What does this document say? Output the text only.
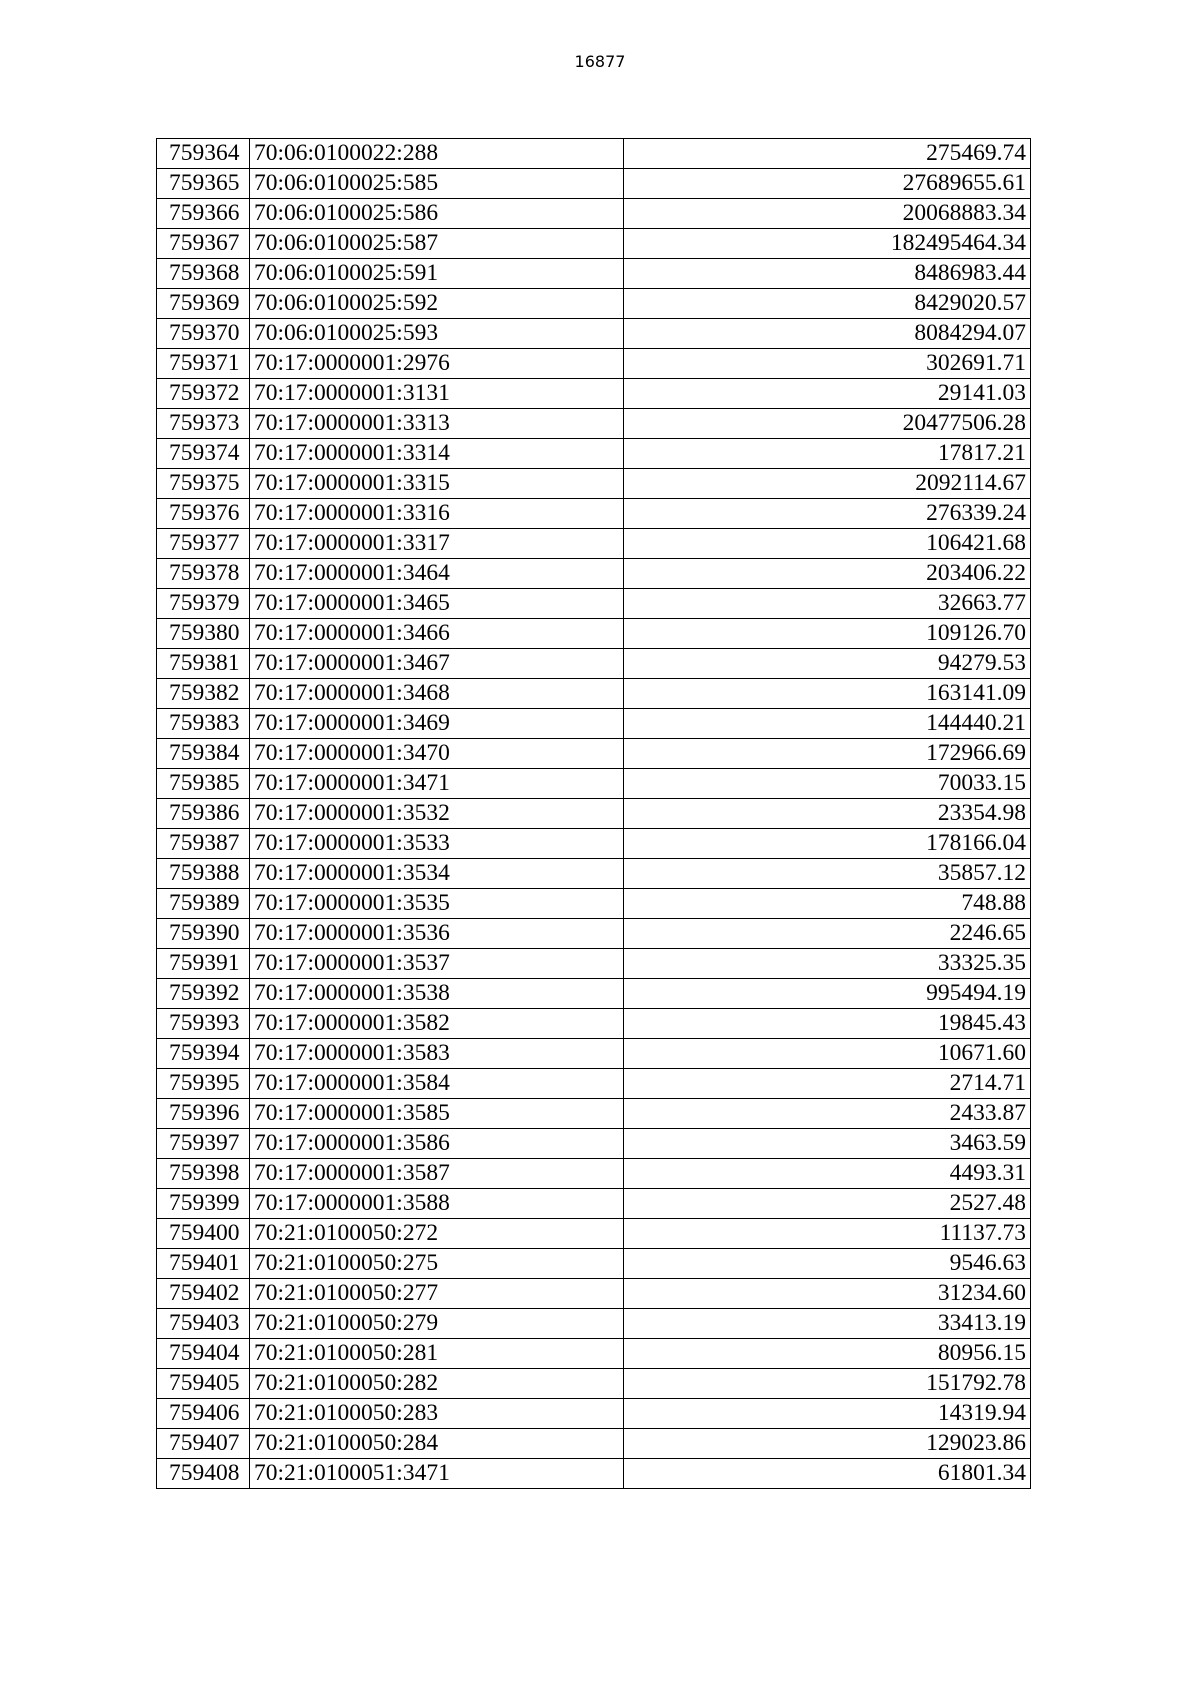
16877
759364	70:06:0100022:288	275469.74
759365	70:06:0100025:585	27689655.61
759366	70:06:0100025:586	20068883.34
759367	70:06:0100025:587	182495464.34
759368	70:06:0100025:591	8486983.44
759369	70:06:0100025:592	8429020.57
759370	70:06:0100025:593	8084294.07
759371	70:17:0000001:2976	302691.71
759372	70:17:0000001:3131	29141.03
759373	70:17:0000001:3313	20477506.28
759374	70:17:0000001:3314	17817.21
759375	70:17:0000001:3315	2092114.67
759376	70:17:0000001:3316	276339.24
759377	70:17:0000001:3317	106421.68
759378	70:17:0000001:3464	203406.22
759379	70:17:0000001:3465	32663.77
759380	70:17:0000001:3466	109126.70
759381	70:17:0000001:3467	94279.53
759382	70:17:0000001:3468	163141.09
759383	70:17:0000001:3469	144440.21
759384	70:17:0000001:3470	172966.69
759385	70:17:0000001:3471	70033.15
759386	70:17:0000001:3532	23354.98
759387	70:17:0000001:3533	178166.04
759388	70:17:0000001:3534	35857.12
759389	70:17:0000001:3535	748.88
759390	70:17:0000001:3536	2246.65
759391	70:17:0000001:3537	33325.35
759392	70:17:0000001:3538	995494.19
759393	70:17:0000001:3582	19845.43
759394	70:17:0000001:3583	10671.60
759395	70:17:0000001:3584	2714.71
759396	70:17:0000001:3585	2433.87
759397	70:17:0000001:3586	3463.59
759398	70:17:0000001:3587	4493.31
759399	70:17:0000001:3588	2527.48
759400	70:21:0100050:272	11137.73
759401	70:21:0100050:275	9546.63
759402	70:21:0100050:277	31234.60
759403	70:21:0100050:279	33413.19
759404	70:21:0100050:281	80956.15
759405	70:21:0100050:282	151792.78
759406	70:21:0100050:283	14319.94
759407	70:21:0100050:284	129023.86
759408	70:21:0100051:3471	61801.34
